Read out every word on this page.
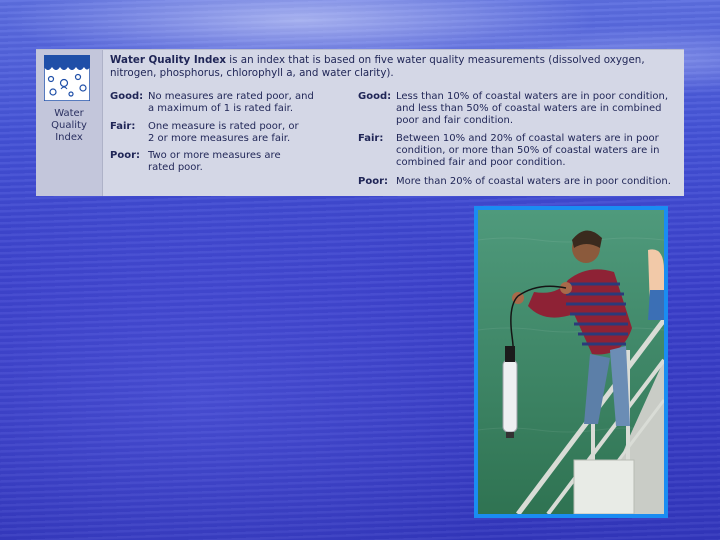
Water
Quality
Index
Water Quality Index is an index that is based on five water quality measurements (dissolved oxygen, nitrogen, phosphorus, chlorophyll a, and water clarity).
Good: No measures are rated poor, and
a maximum of 1 is rated fair.
Fair: One measure is rated poor, or
2 or more measures are fair.
Poor: Two or more measures are
rated poor.
Good: Less than 10% of coastal waters are in poor condition,
and less than 50% of coastal waters are in combined
poor and fair condition.
Fair: Between 10% and 20% of coastal waters are in poor
condition, or more than 50% of coastal waters are in
combined fair and poor condition.
Poor: More than 20% of coastal waters are in poor condition.
